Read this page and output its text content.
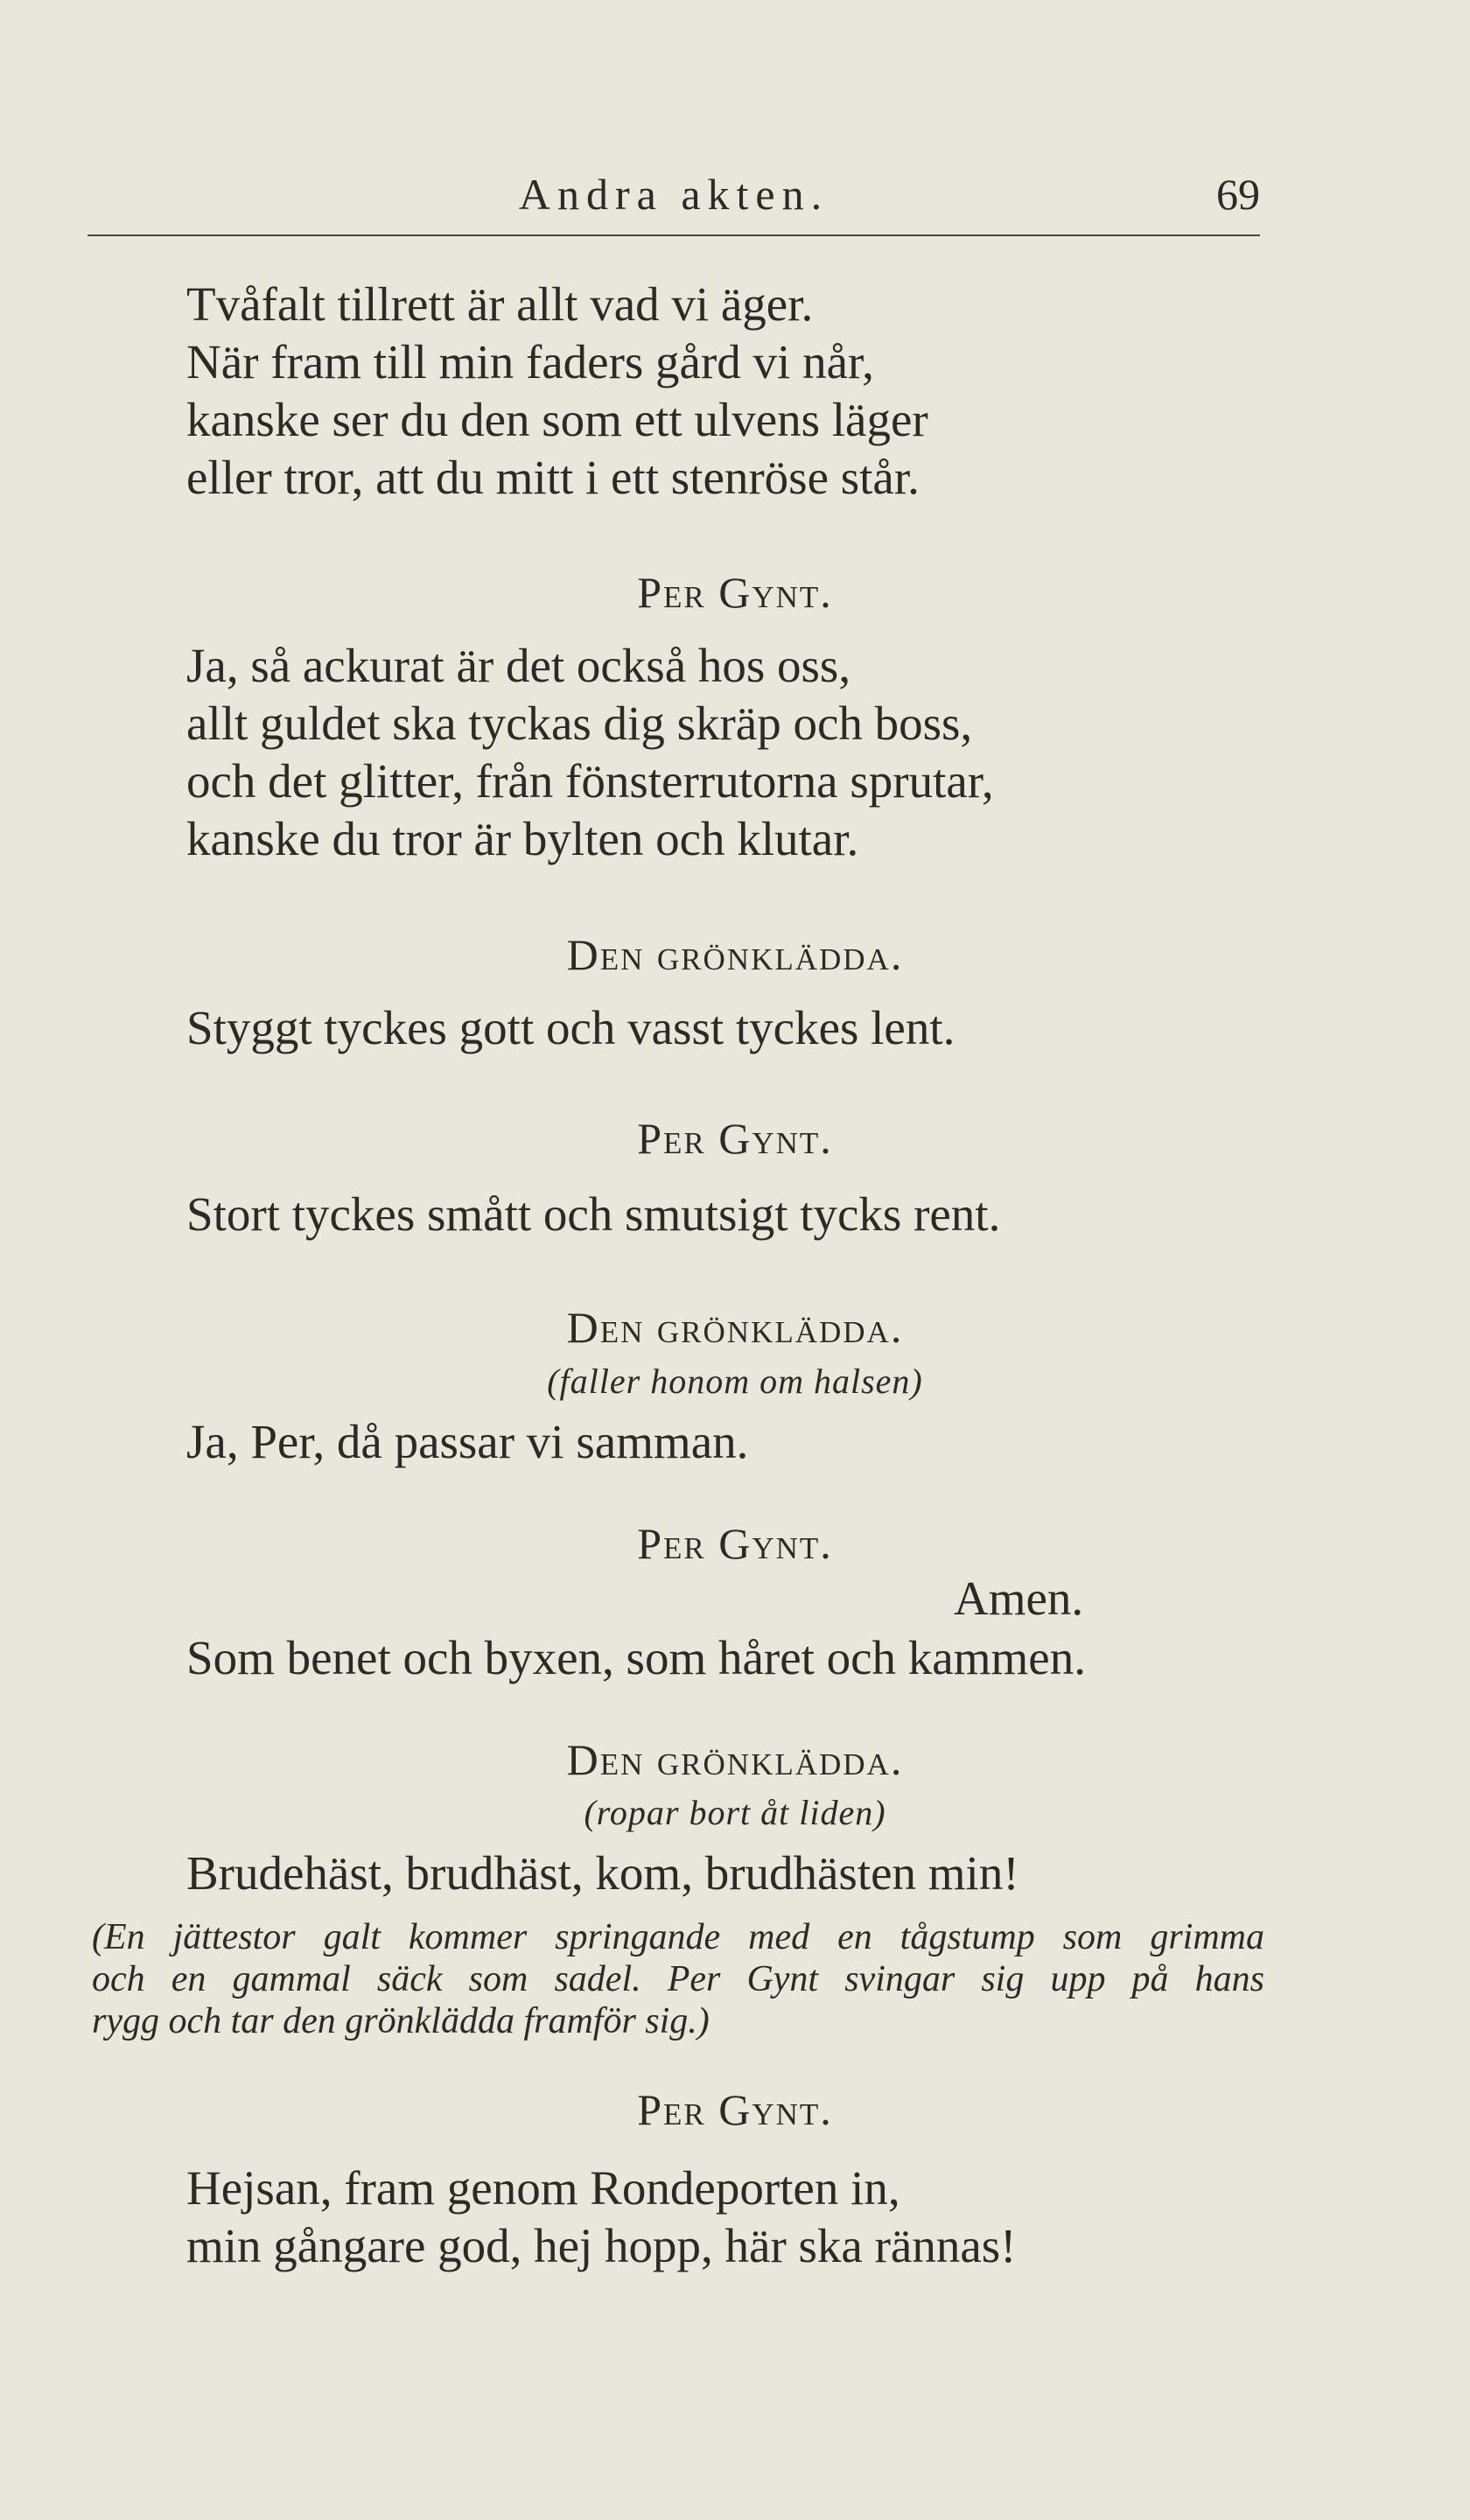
Andra akten.	69
Tvåfalt tillrett är allt vad vi äger.
När fram till min faders gård vi når,
kanske ser du den som ett ulvens läger
eller tror, att du mitt i ett stenröse står.
Per Gynt.
Ja, så ackurat är det också hos oss,
allt guldet ska tyckas dig skräp och boss,
och det glitter, från fönsterrutorna sprutar,
kanske du tror är bylten och klutar.
Den grönklädda.
Styggt tyckes gott och vasst tyckes lent.
Per Gynt.
Stort tyckes smått och smutsigt tycks rent.
Den grönklädda.
(faller honom om halsen)
Ja, Per, då passar vi samman.
Per Gynt.
Amen.
Som benet och byxen, som håret och kammen.
Den grönklädda.
(ropar bort åt liden)
Brudehäst, brudhäst, kom, brudhästen min!
(En jättestor galt kommer springande med en tågstump som grimma
och en gammal säck som sadel. Per Gynt svingar sig upp på hans
rygg och tar den grönklädda framför sig.)
Per Gynt.
Hejsan, fram genom Rondeporten in,
min gångare god, hej hopp, här ska rännas!
